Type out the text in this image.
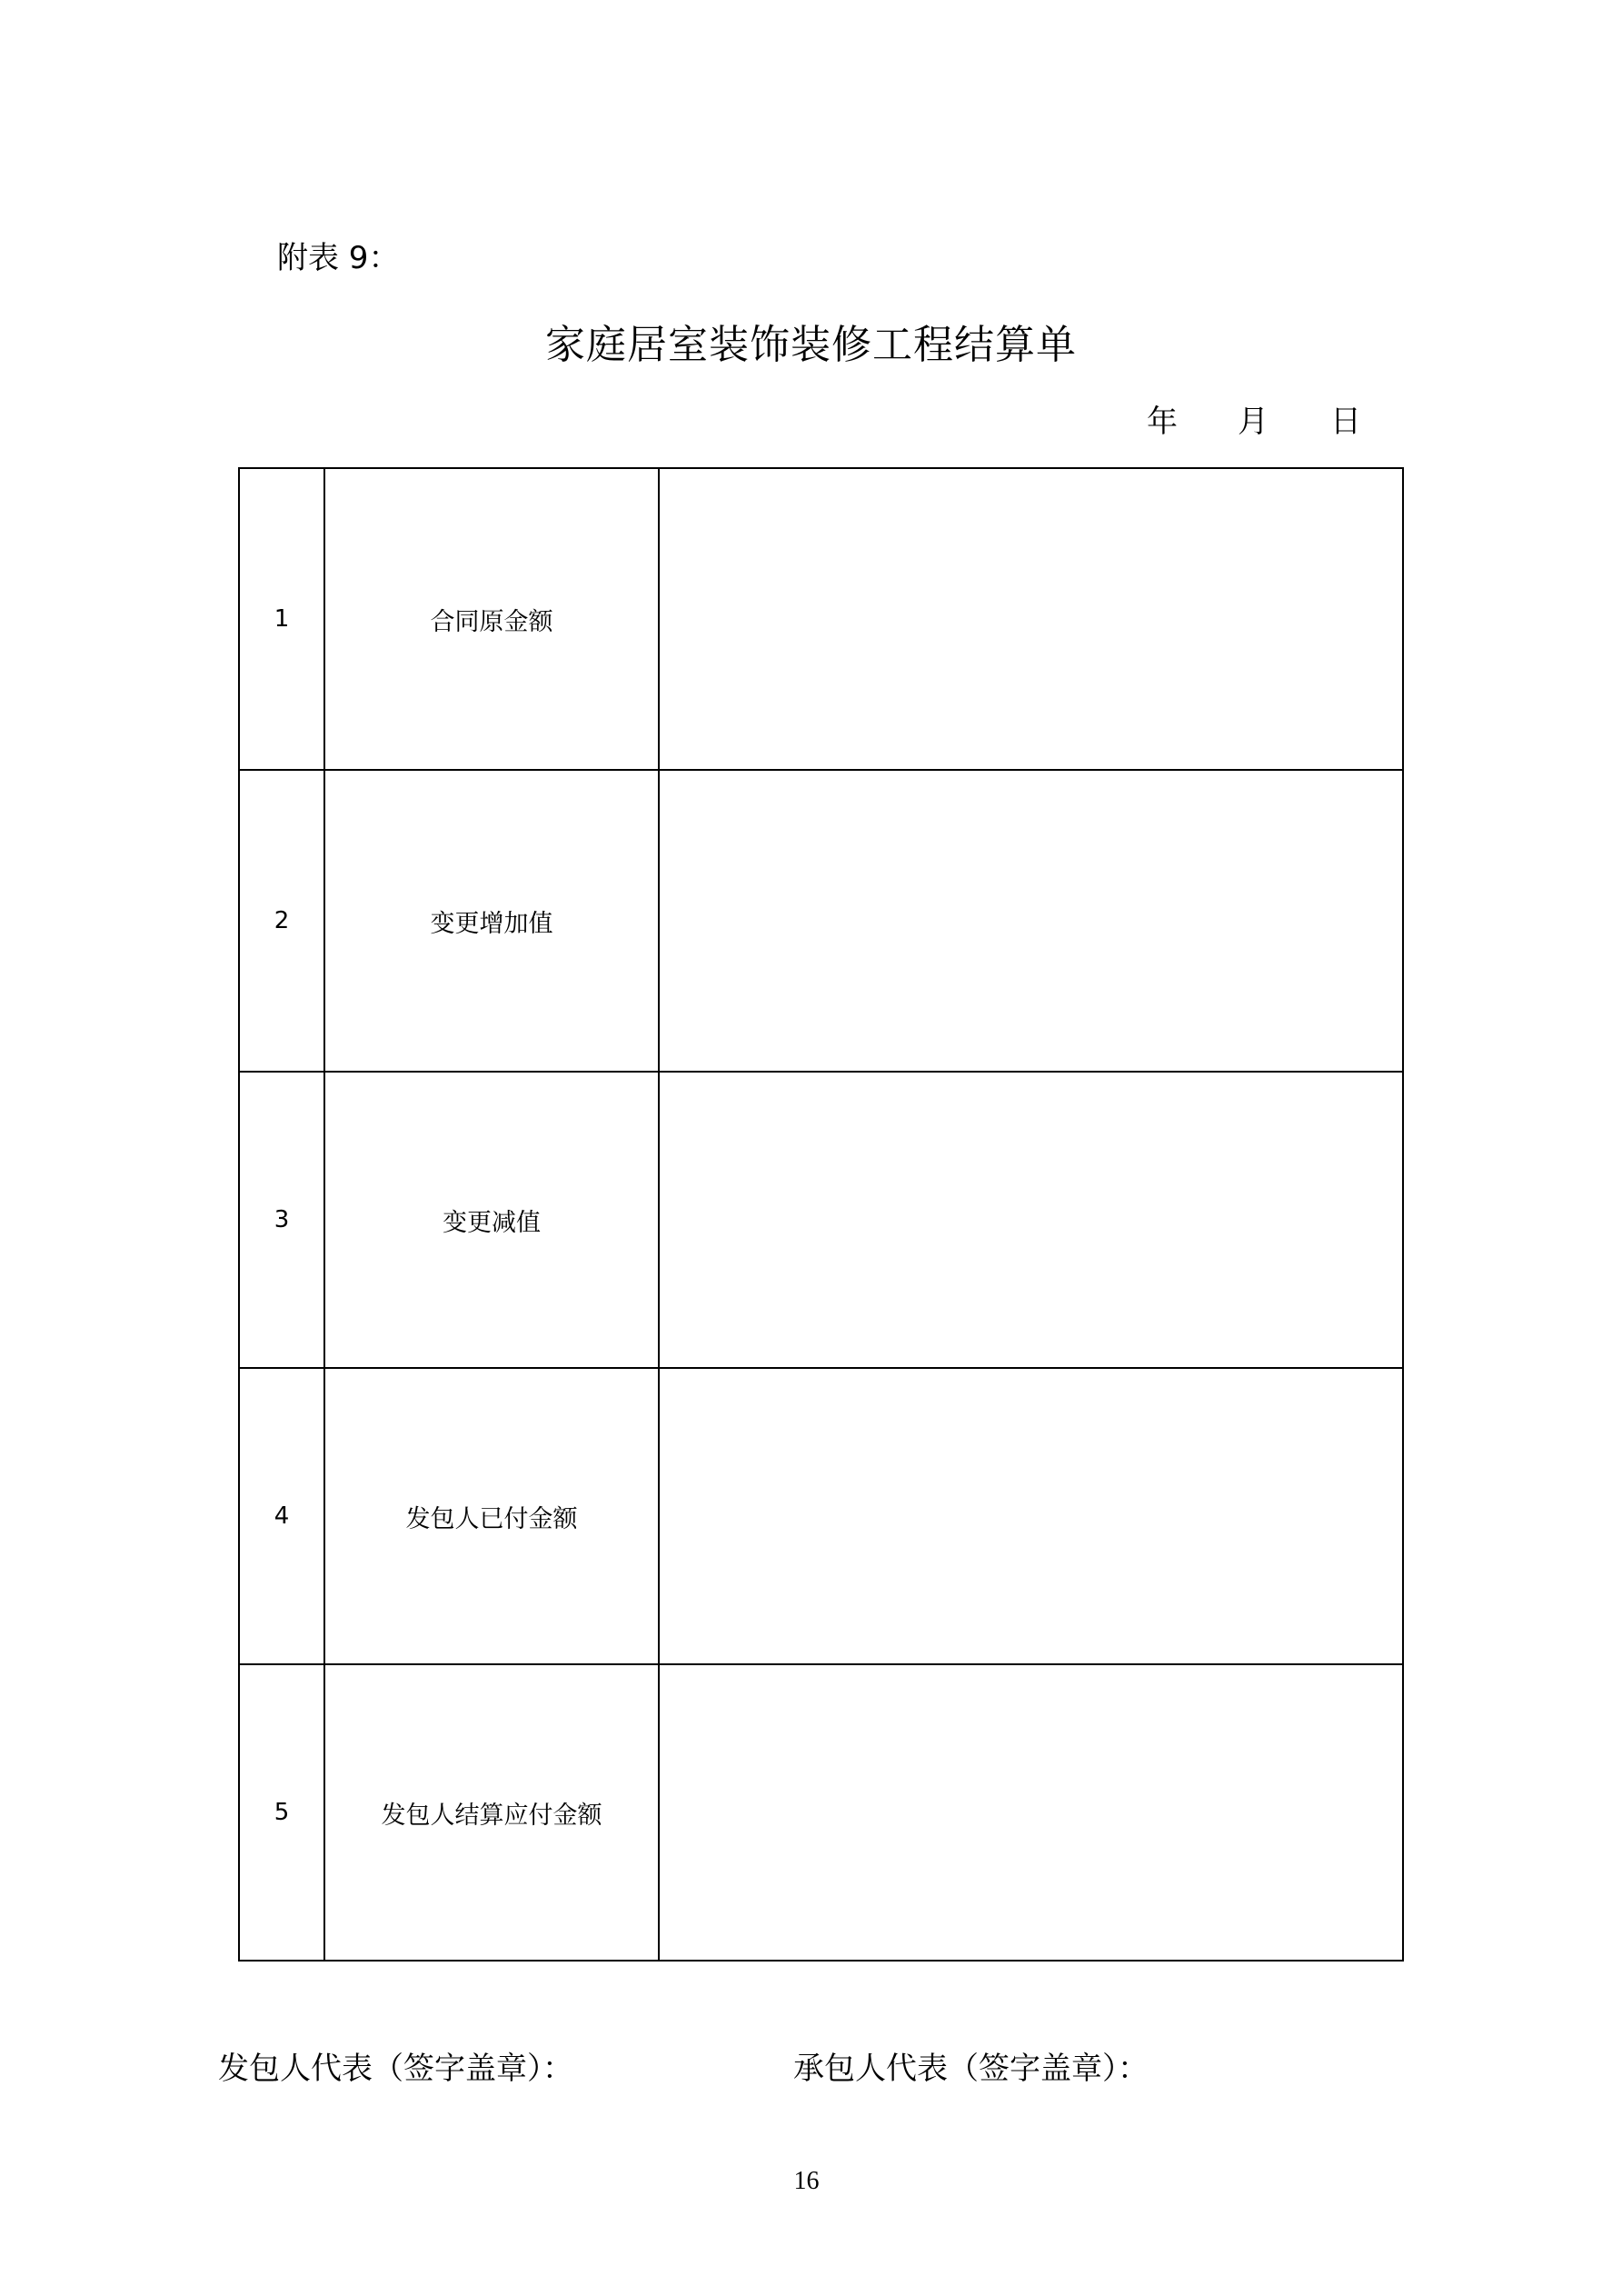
附表 9：
家庭居室装饰装修工程结算单
年 月 日
1	合同原金额	
2	变更增加值	
3	变更减值	
4	发包人已付金额	
5	发包人结算应付金额	
发包人代表（签字盖章）：	承包人代表（签字盖章）：
16
